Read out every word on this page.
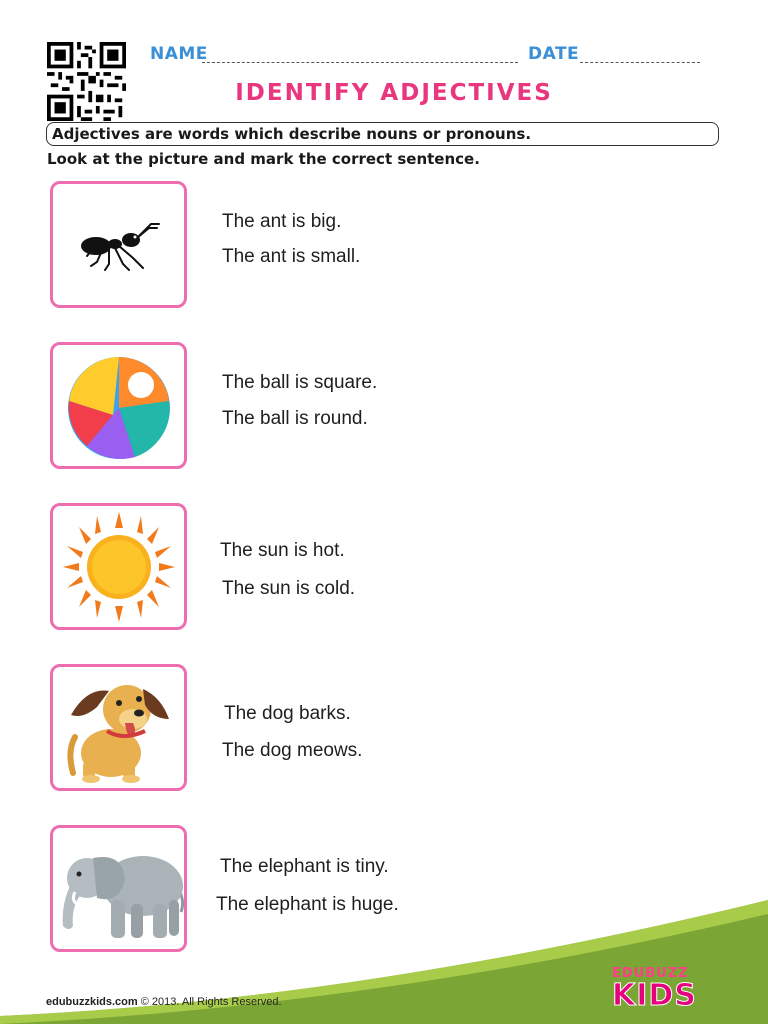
NAME	DATE
IDENTIFY ADJECTIVES
Adjectives are words which describe nouns or pronouns.
Look at the picture and mark the correct sentence.
The ant is big.
The ant is small.
The ball is square.
The ball is round.
The sun is hot.
The sun is cold.
The dog barks.
The dog meows.
The elephant is tiny.
The elephant is huge.
edubuzzkids.com © 2013. All Rights Reserved.
EDUBUZZ
KIDS
